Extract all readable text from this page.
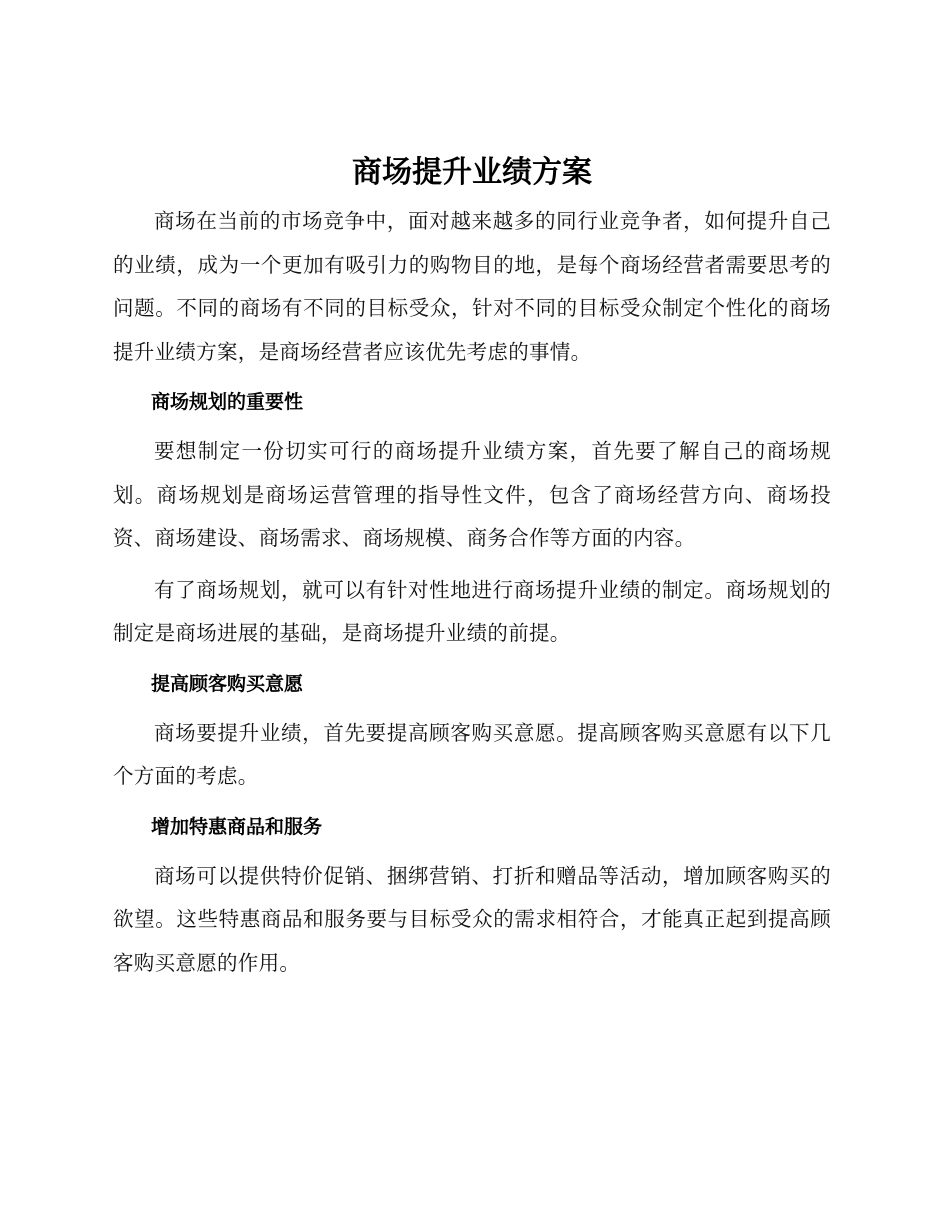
商场提升业绩方案

商场在当前的市场竞争中，面对越来越多的同行业竞争者，如何提升自己的业绩，成为一个更加有吸引力的购物目的地，是每个商场经营者需要思考的问题。不同的商场有不同的目标受众，针对不同的目标受众制定个性化的商场提升业绩方案，是商场经营者应该优先考虑的事情。

商场规划的重要性

要想制定一份切实可行的商场提升业绩方案，首先要了解自己的商场规划。商场规划是商场运营管理的指导性文件，包含了商场经营方向、商场投资、商场建设、商场需求、商场规模、商务合作等方面的内容。

有了商场规划，就可以有针对性地进行商场提升业绩的制定。商场规划的制定是商场进展的基础，是商场提升业绩的前提。

提高顾客购买意愿

商场要提升业绩，首先要提高顾客购买意愿。提高顾客购买意愿有以下几个方面的考虑。

增加特惠商品和服务

商场可以提供特价促销、捆绑营销、打折和赠品等活动，增加顾客购买的欲望。这些特惠商品和服务要与目标受众的需求相符合，才能真正起到提高顾客购买意愿的作用。
